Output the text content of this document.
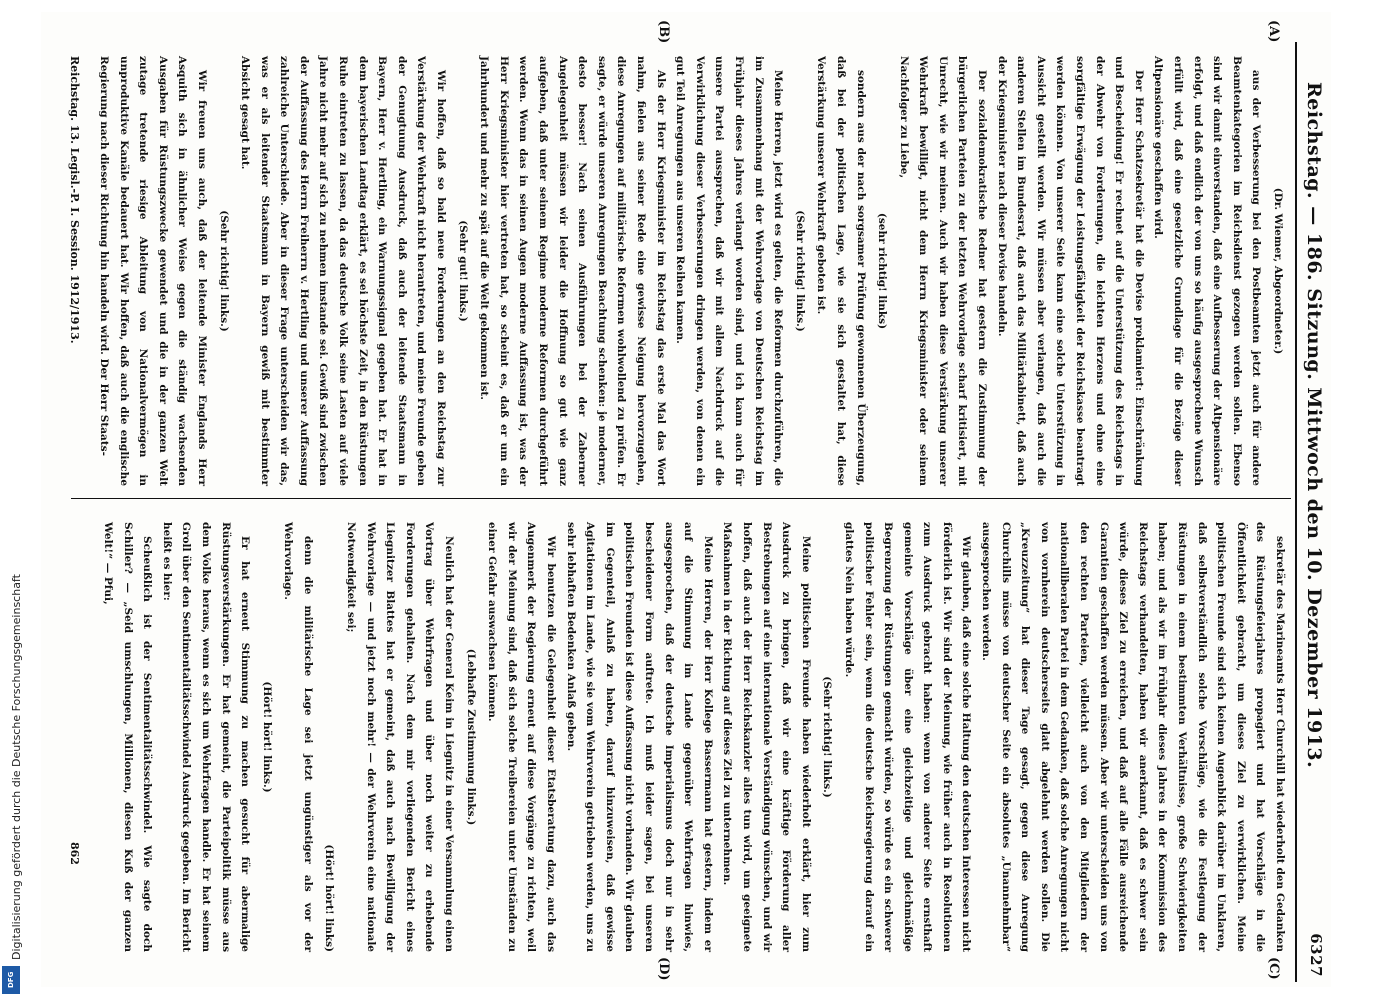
Digitalisierung gefördert durch die Deutsche Forschungsgemeinschaft
DFG
Reichstag. — 186. Sitzung. Mittwoch den 10. Dezember 1913.
6327
(A)
(B)
(C)
(D)

(Dr. Wiemer, Abgeordneter.)

aus der Verbesserung bei den Postbeamten jetzt auch für andere Beamtenkategorien im Reichsdienst gezogen werden sollen. Ebenso sind wir damit einverstanden, daß eine Aufbesserung der Altpensionäre erfolgt, und daß endlich der von uns so häufig ausgesprochene Wunsch erfüllt wird, daß eine gesetzliche Grundlage für die Bezüge dieser Altpensionäre geschaffen wird.

Der Herr Schatzsekretär hat die Devise proklamiert: Einschränkung und Bescheidung! Er rechnet auf die Unterstützung des Reichstags in der Abwehr von Forderungen, die leichten Herzens und ohne eine sorgfältige Erwägung der Leistungsfähigkeit der Reichskasse beantragt werden können. Von unserer Seite kann eine solche Unterstützung in Aussicht gestellt werden. Wir müssen aber verlangen, daß auch die anderen Stellen im Bundesrat, daß auch das Militärkabinett, daß auch der Kriegsminister nach dieser Devise handeln.

Der sozialdemokratische Redner hat gestern die Zustimmung der bürgerlichen Parteien zu der letzten Wehrvorlage scharf kritisiert, mit Unrecht, wie wir meinen. Auch wir haben diese Verstärkung unserer Wehrkraft bewilligt, nicht dem Herrn Kriegsminister oder seinem Nachfolger zu Liebe,

(sehr richtig! links)

sondern aus der nach sorgsamer Prüfung gewonnenen Überzeugung, daß bei der politischen Lage, wie sie sich gestaltet hat, diese Verstärkung unserer Wehrkraft geboten ist.

(Sehr richtig! links.)

Meine Herren, jetzt wird es gelten, die Reformen durchzuführen, die im Zusammenhang mit der Wehrvorlage von Deutschen Reichstag im Frühjahr dieses Jahres verlangt worden sind, und ich kann auch für unsere Partei aussprechen, daß wir mit allem Nachdruck auf die Verwirklichung dieser Verbesserungen dringen werden, von denen ein gut Teil Anregungen aus unseren Reihen kamen.

Als der Herr Kriegsminister im Reichstag das erste Mal das Wort nahm, fielen aus seiner Rede eine gewisse Neigung hervorzugehen, diese Anregungen auf militärische Reformen wohlwollend zu prüfen. Er sagte, er würde unseren Anregungen Beachtung schenken: je moderner, desto besser! Nach seinen Ausführungen bei der Zaberner Angelegenheit müssen wir leider die Hoffnung so gut wie ganz aufgeben, daß unter seinem Regime moderne Reformen durchgeführt werden. Wenn das in seinen Augen moderne Auffassung ist, was der Herr Kriegsminister hier vertreten hat, so scheint es, daß er um ein Jahrhundert und mehr zu spät auf die Welt gekommen ist.

(Sehr gut! links.)

Wir hoffen, daß so bald neue Forderungen an den Reichstag zur Verstärkung der Wehrkraft nicht herantreten, und meine Freunde geben der Genugtuung Ausdruck, daß auch der leitende Staatsmann in Bayern, Herr v. Hertling, ein Warnungssignal gegeben hat. Er hat in dem bayerischen Landtag erklärt, es sei höchste Zeit, in den Rüstungen Ruhe eintreten zu lassen, da das deutsche Volk seine Lasten auf viele Jahre nicht mehr auf sich zu nehmen imstande sei. Gewiß sind zwischen der Auffassung des Herrn Freiherrn v. Hertling und unserer Auffassung zahlreiche Unterschiede. Aber in dieser Frage unterscheiden wir das, was er als leitender Staatsmann in Bayern gewiß mit bestimmter Absicht gesagt hat.

(Sehr richtig! links.)

Wir freuen uns auch, daß der leitende Minister Englands Herr Asquith sich in ähnlicher Weise gegen die ständig wachsenden Ausgaben für Rüstungszwecke gewendet und die in der ganzen Welt zutage tretende riesige Ableitung von Nationalvermögen in unproduktive Kanäle bedauert hat. Wir hoffen, daß auch die englische Regierung nach dieser Richtung hin handeln wird. Der Herr Staats-

sekretär des Marineamts Herr Churchill hat wiederholt den Gedanken des Rüstungsfeierjahres propagiert und hat Vorschläge in die Öffentlichkeit gebracht, um dieses Ziel zu verwirklichen. Meine politischen Freunde sind sich keinen Augenblick darüber im Unklaren, daß selbstverständlich solche Vorschläge, wie die Festlegung der Rüstungen in einem bestimmten Verhältnisse, große Schwierigkeiten haben; und als wir im Frühjahr dieses Jahres in der Kommission des Reichstags verhandelten, haben wir anerkannt, daß es schwer sein würde, dieses Ziel zu erreichen, und daß auf alle Fälle ausreichende Garantien geschaffen werden müssen. Aber wir unterscheiden uns von den rechten Parteien, vielleicht auch von den Mitgliedern der nationalliberalen Partei in dem Gedanken, daß solche Anregungen nicht von vornherein deutscherseits glatt abgelehnt werden sollen. Die „Kreuzzeitung“ hat dieser Tage gesagt, gegen diese Anregung Churchills müsse von deutscher Seite ein absolutes „Unannehmbar“ ausgesprochen werden.

Wir glauben, daß eine solche Haltung den deutschen Interessen nicht förderlich ist. Wir sind der Meinung, wie früher auch in Resolutionen zum Ausdruck gebracht haben: wenn von anderer Seite ernsthaft gemeinte Vorschläge über eine gleichzeitige und gleichmäßige Begrenzung der Rüstungen gemacht würden, so würde es ein schwerer politischer Fehler sein, wenn die deutsche Reichsregierung darauf ein glattes Nein haben würde.

(Sehr richtig! links.)

Meine politischen Freunde haben wiederholt erklärt, hier zum Ausdruck zu bringen, daß wir eine kräftige Förderung aller Bestrebungen auf eine internationale Verständigung wünschen, und wir hoffen, daß auch der Herr Reichskanzler alles tun wird, um geeignete Maßnahmen in der Richtung auf dieses Ziel zu unternehmen.

Meine Herren, der Herr Kollege Bassermann hat gestern, indem er auf die Stimmung im Lande gegenüber Wehrfragen hinwies, ausgesprochen, daß der deutsche Imperialismus doch nur in sehr bescheidener Form auftrete. Ich muß leider sagen, bei unseren politischen Freunden ist diese Auffassung nicht vorhanden. Wir glauben im Gegenteil, Anlaß zu haben, darauf hinzuweisen, daß gewisse Agitationen im Lande, wie sie vom Wehrverein getrieben werden, uns zu sehr lebhaften Bedenken Anlaß geben.

Wir benutzen die Gelegenheit dieser Etatsberatung dazu, auch das Augenmerk der Regierung erneut auf diese Vorgänge zu richten, weil wir der Meinung sind, daß sich solche Treibereien unter Umständen zu einer Gefahr auswachsen können.

(Lebhafte Zustimmung links.)

Neulich hat der General Keim in Liegnitz in einer Versammlung einen Vortrag über Wehrfragen und über noch weiter zu erhebende Forderungen gehalten. Nach dem mir vorliegenden Bericht eines Liegnitzer Blattes hat er gemeint, daß auch nach Bewilligung der Wehrvorlage — und jetzt noch mehr! — der Wehrverein eine nationale Notwendigkeit sei;

(Hört! hört! links)

denn die militärische Lage sei jetzt ungünstiger als vor der Wehrvorlage.

(Hört! hört! links.)

Er hat erneut Stimmung zu machen gesucht für abermalige Rüstungsverstärkungen. Er hat gemeint, die Parteipolitik müsse aus dem Volke heraus, wenn es sich um Wehrfragen handle. Er hat seinem Groll über den Sentimentalitätsschwindel Ausdruck gegeben. Im Bericht heißt es hier:

Scheußlich ist der Sentimentalitätsschwindel. Wie sagte doch Schiller? — „Seid umschlungen, Millionen, diesen Kuß der ganzen Welt!“ — Pfui,

Reichstag. 13. Legisl.-P. I. Session. 1912/1913.
862
